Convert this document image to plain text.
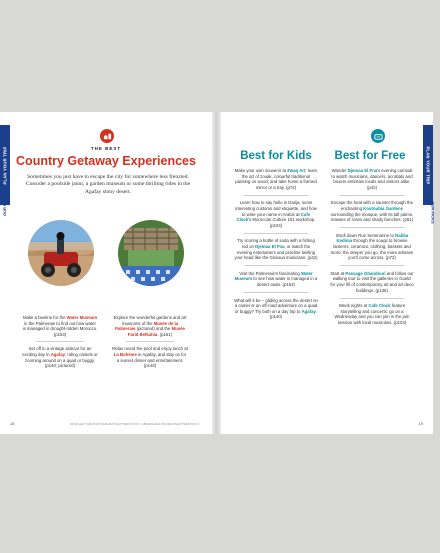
PLAN YOUR TRIP
OUR PICKS
THE BEST
Country Getaway Experiences
Sometimes you just have to escape the city for somewhere less frenzied. Consider a poolside jaunt, a garden museum or some thrilling rides in the Agafay stony desert.
Make a beeline for the Water Museum in the Palmeraie to find out how water is managed in drought-ridden Morocco. (p153)
Set off in a vintage sidecar for an exciting day in Agafay, riding camels or zooming around on a quad or buggy. (p140; pictured)
Explore the wonderful gardens and art museums of the Musée de la Palmeraie (pictured) and the Musée Farid Belkahia. (p151)
Relax round the pool and enjoy lunch at La Bohème in Agafay, and stay on for a sunset dinner and entertainment. (p140)
18	FROM LEFT: ABD PHOTOGRAPHY/SHUTTERSTOCK ©; ABDESSAMAD BOUZDIK/SHUTTERSTOCK ©
PLAN YOUR TRIP
OUR PICKS
Best for Kids	Best for Free
Make your own souvenir at Zwaq Art: learn the art of zouak, colourful traditional painting on wood, and take home a framed mirror or a tray. (p74)
Learn how to say hello in Darija, some interesting customs and etiquette, and how to write your name in Arabic at Cafe Clock's Moroccan Culture 101 workshop. (p104)
Try scoring a bottle of soda with a fishing rod on Djemaa El Fna, or watch the evening entertainers and practise twirling your head like the Gnaoua musicians. (p42)
Visit the Palmeraie's fascinating Water Museum to see how water is managed in a desert oasis. (p153)
What will it be – gliding across the desert on a camel or an off-road adventure on a quad or buggy? Try both on a day trip to Agafay. (p140)
Wander Djemaa El Fna's evening carnival to watch musicians, dancers, acrobats and boxers entertain locals and visitors alike. (p42)
Escape the heat with a saunter through the enchanting Koutoubia Gardens surrounding the mosque, with its tall palms, masses of roses and shady benches. (p51)
Stroll down Rue Semmarine to Rahba Kedima through the souqs to browse lanterns, ceramics, clothing, baskets and more: the deeper you go, the more artisans you'll come across. (p72)
Start at Passage Ghandouri and follow our walking tour to visit the galleries in Gueliz for your fill of contemporary art and art deco buildings. (p136)
Week nights at Cafe Clock feature storytelling and concerts: go on a Wednesday and you can join in the jam session with local musicians. (p104)
19
